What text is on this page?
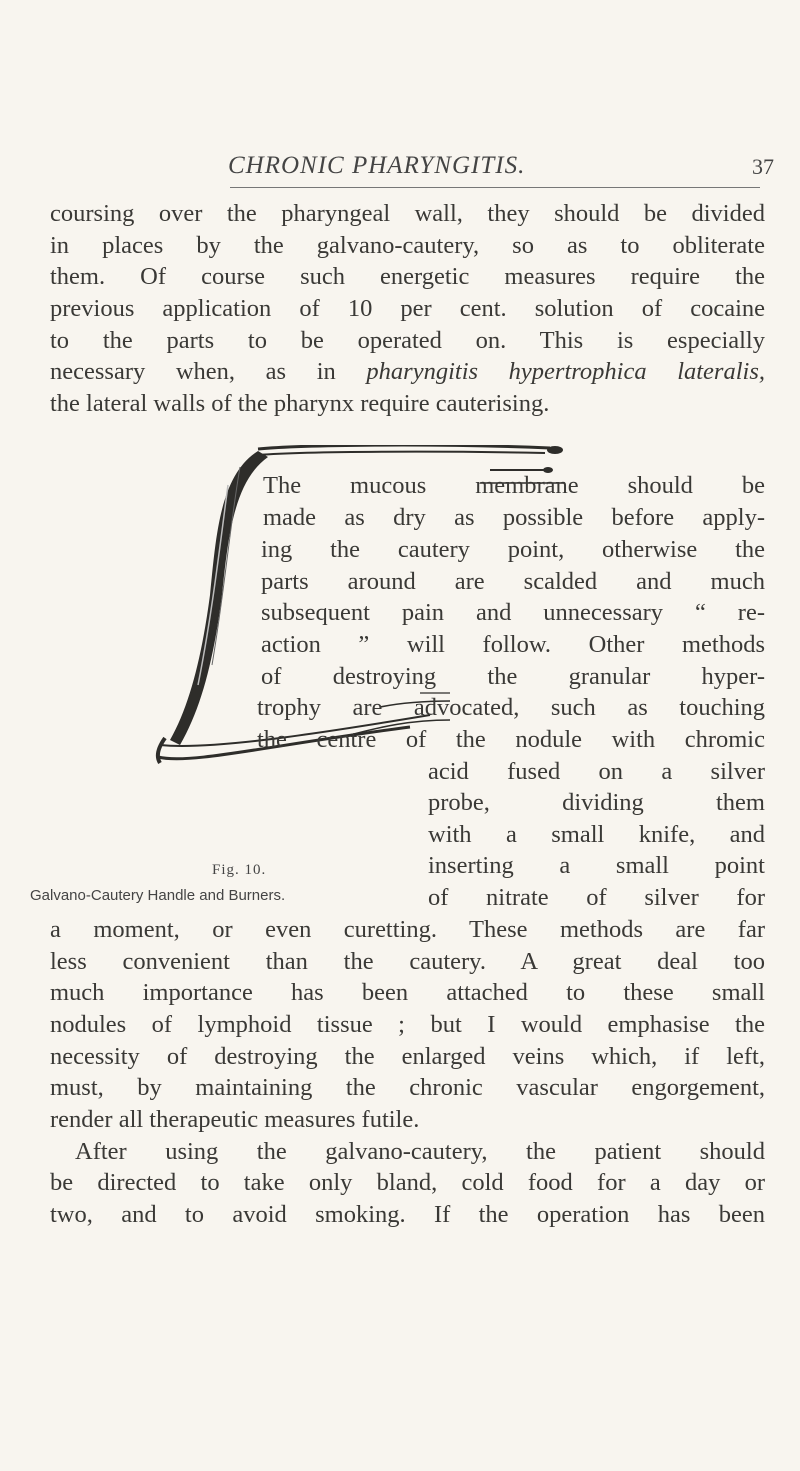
CHRONIC PHARYNGITIS.	37

coursing over the pharyngeal wall, they should be divided

in places by the galvano-cautery, so as to obliterate

them. Of course such energetic measures require the

previous application of 10 per cent. solution of cocaine

to the parts to be operated on. This is especially

necessary when, as in pharyngitis hypertrophica lateralis,

the lateral walls of the pharynx require cauterising.

The mucous membrane should be

made as dry as possible before apply-

ing the cautery point, otherwise the

parts around are scalded and much

subsequent pain and unnecessary “ re-

action ” will follow. Other methods

of destroying the granular hyper-

trophy are advocated, such as touching

the centre of the nodule with chromic

acid fused on a silver

probe, dividing them

with a small knife, and

inserting a small point

of nitrate of silver for

Fig. 10.
Galvano-Cautery Handle and Burners.

a moment, or even curetting. These methods are far

less convenient than the cautery. A great deal too

much importance has been attached to these small

nodules of lymphoid tissue ; but I would emphasise the

necessity of destroying the enlarged veins which, if left,

must, by maintaining the chronic vascular engorgement,

render all therapeutic measures futile.

After using the galvano-cautery, the patient should

be directed to take only bland, cold food for a day or

two, and to avoid smoking. If the operation has been
